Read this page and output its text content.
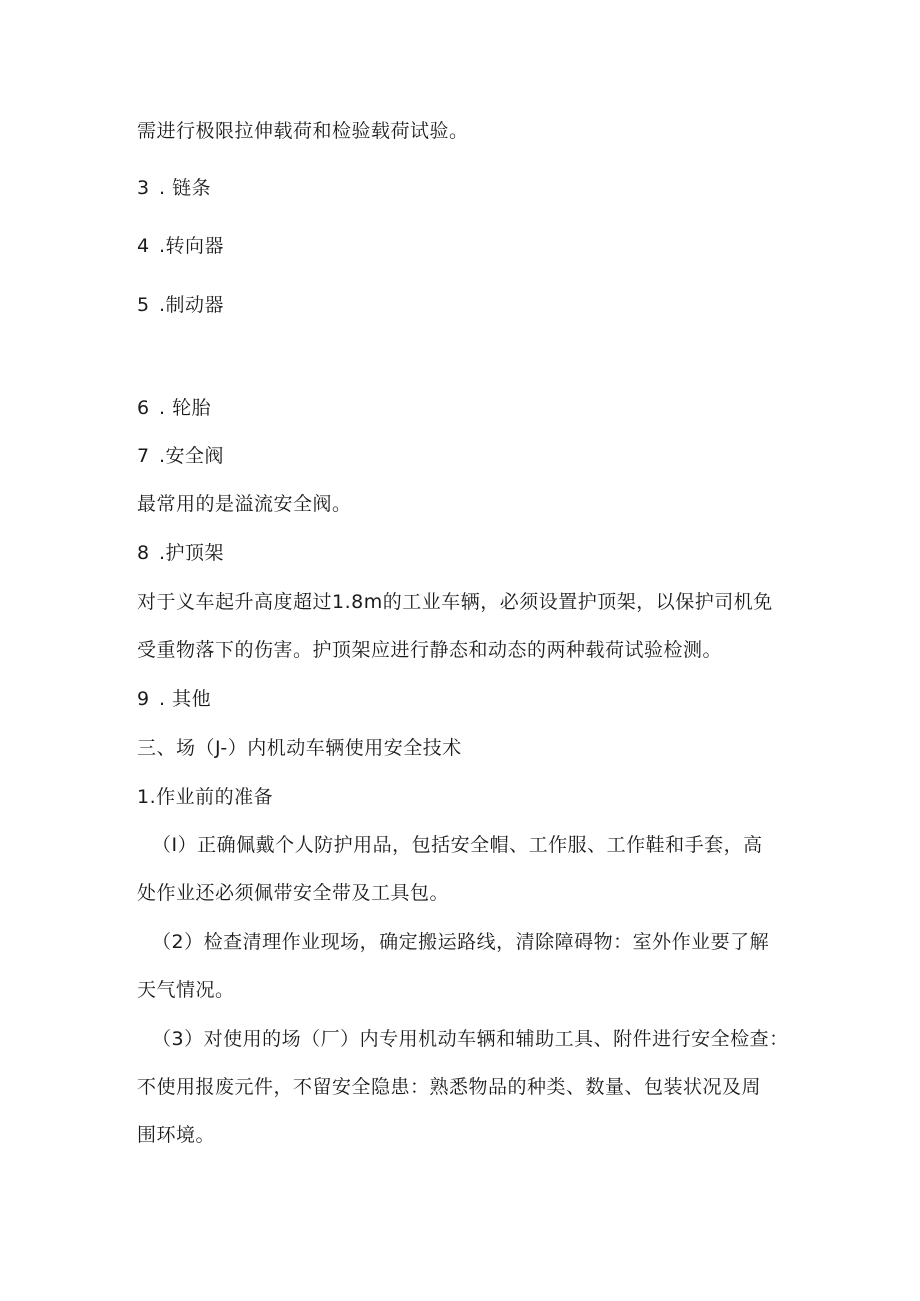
需进行极限拉伸载荷和检验载荷试验。
3 . 链条
4 .转向器
5 .制动器
6 . 轮胎
7 .安全阀
最常用的是溢流安全阀。
8 .护顶架
对于义车起升高度超过1.8m的工业车辆，必须设置护顶架，以保护司机免
受重物落下的伤害。护顶架应进行静态和动态的两种载荷试验检测。
9 . 其他
三、场（J-）内机动车辆使用安全技术
1.作业前的准备
（I）正确佩戴个人防护用品，包括安全帽、工作服、工作鞋和手套，高
处作业还必须佩带安全带及工具包。
（2）检查清理作业现场，确定搬运路线，清除障碍物：室外作业要了解
天气情况。
（3）对使用的场（厂）内专用机动车辆和辅助工具、附件进行安全检查：
不使用报废元件，不留安全隐患：熟悉物品的种类、数量、包装状况及周
围环境。
